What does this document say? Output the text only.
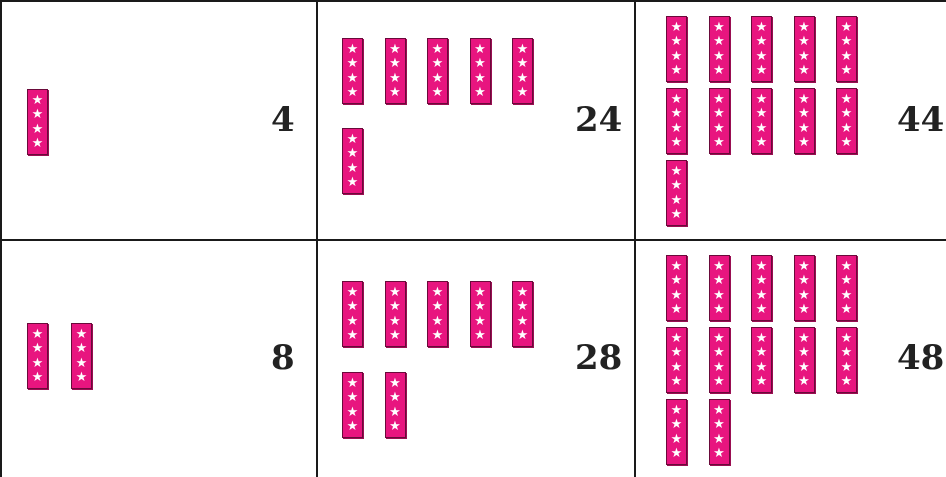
★
★
★
★
4
★
★
★
★
★
★
★
★
★
★
★
★
★
★
★
★
★
★
★
★
★
★
★
★
24
★
★
★
★
★
★
★
★
★
★
★
★
★
★
★
★
★
★
★
★
★
★
★
★
★
★
★
★
★
★
★
★
★
★
★
★
★
★
★
★
★
★
★
★
44
★
★
★
★
★
★
★
★	8
★
★
★
★
★
★
★
★
★
★
★
★
★
★
★
★
★
★
★
★
★
★
★
★
★
★
★
★
28
★
★
★
★
★
★
★
★
★
★
★
★
★
★
★
★
★
★
★
★
★
★
★
★
★
★
★
★
★
★
★
★
★
★
★
★
★
★
★
★
★
★
★
★
★
★
★
★
48
